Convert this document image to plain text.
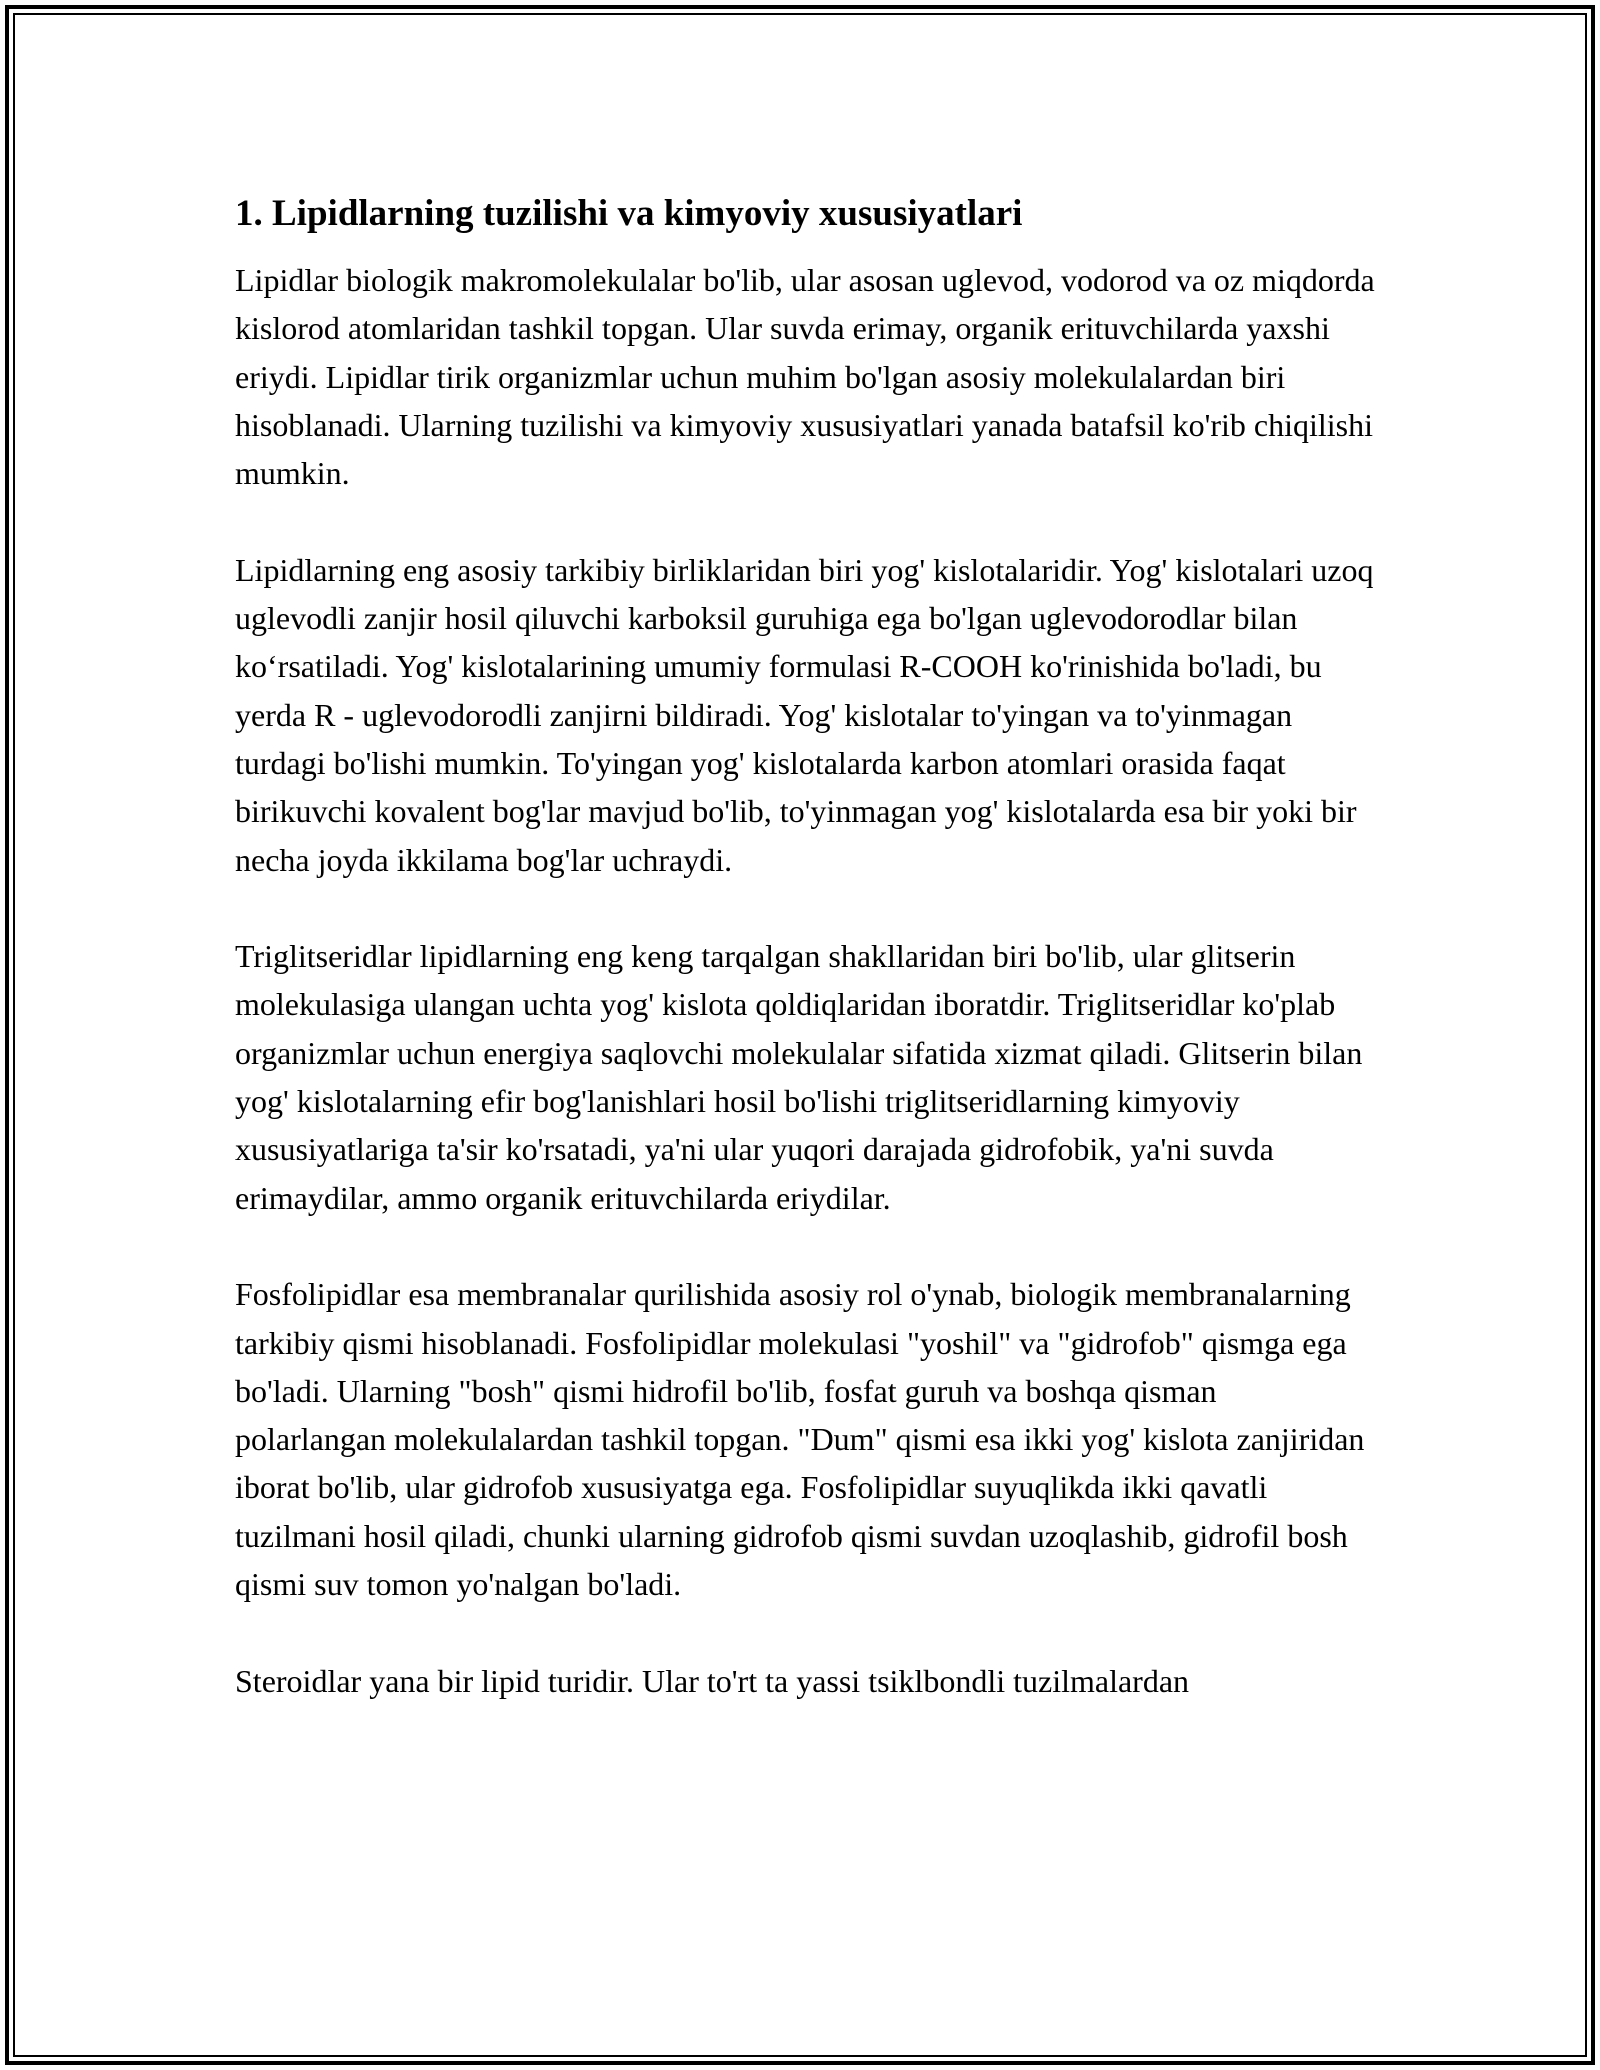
1. Lipidlarning tuzilishi va kimyoviy xususiyatlari

Lipidlar biologik makromolekulalar bo'lib, ular asosan uglevod, vodorod va oz miqdorda kislorod atomlaridan tashkil topgan. Ular suvda erimay, organik erituvchilarda yaxshi eriydi. Lipidlar tirik organizmlar uchun muhim bo'lgan asosiy molekulalardan biri hisoblanadi. Ularning tuzilishi va kimyoviy xususiyatlari yanada batafsil ko'rib chiqilishi mumkin.

Lipidlarning eng asosiy tarkibiy birliklaridan biri yog' kislotalaridir. Yog' kislotalari uzoq uglevodli zanjir hosil qiluvchi karboksil guruhiga ega bo'lgan uglevodorodlar bilan ko‘rsatiladi. Yog' kislotalarining umumiy formulasi R-COOH ko'rinishida bo'ladi, bu yerda R - uglevodorodli zanjirni bildiradi. Yog' kislotalar to'yingan va to'yinmagan turdagi bo'lishi mumkin. To'yingan yog' kislotalarda karbon atomlari orasida faqat birikuvchi kovalent bog'lar mavjud bo'lib, to'yinmagan yog' kislotalarda esa bir yoki bir necha joyda ikkilama bog'lar uchraydi.

Triglitseridlar lipidlarning eng keng tarqalgan shakllaridan biri bo'lib, ular glitserin molekulasiga ulangan uchta yog' kislota qoldiqlaridan iboratdir. Triglitseridlar ko'plab organizmlar uchun energiya saqlovchi molekulalar sifatida xizmat qiladi. Glitserin bilan yog' kislotalarning efir bog'lanishlari hosil bo'lishi triglitseridlarning kimyoviy xususiyatlariga ta'sir ko'rsatadi, ya'ni ular yuqori darajada gidrofobik, ya'ni suvda erimaydilar, ammo organik erituvchilarda eriydilar.

Fosfolipidlar esa membranalar qurilishida asosiy rol o'ynab, biologik membranalarning tarkibiy qismi hisoblanadi. Fosfolipidlar molekulasi "yoshil" va "gidrofob" qismga ega bo'ladi. Ularning "bosh" qismi hidrofil bo'lib, fosfat guruh va boshqa qisman polarlangan molekulalardan tashkil topgan. "Dum" qismi esa ikki yog' kislota zanjiridan iborat bo'lib, ular gidrofob xususiyatga ega. Fosfolipidlar suyuqlikda ikki qavatli tuzilmani hosil qiladi, chunki ularning gidrofob qismi suvdan uzoqlashib, gidrofil bosh qismi suv tomon yo'nalgan bo'ladi.

Steroidlar yana bir lipid turidir. Ular to'rt ta yassi tsiklbondli tuzilmalardan
